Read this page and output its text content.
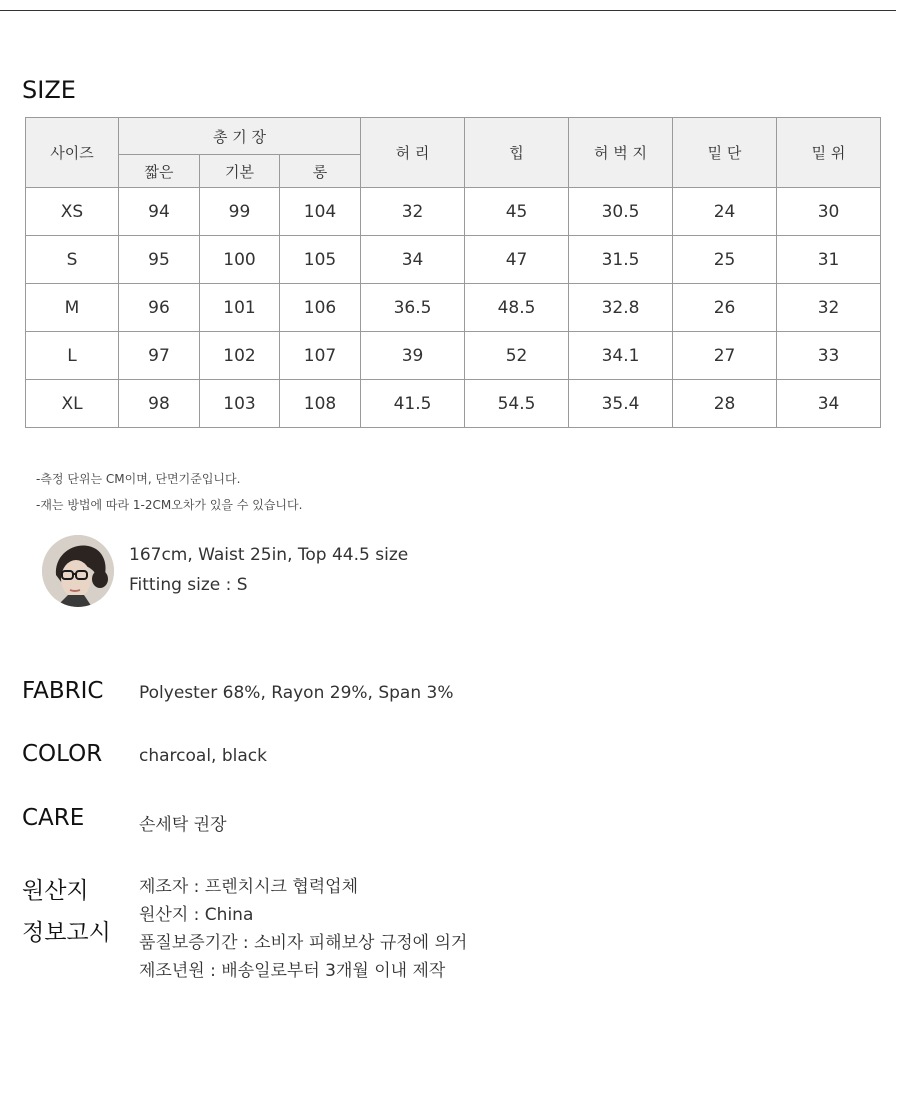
SIZE
사이즈	총 기 장			허 리	힙	허 벅 지	밑 단	밑 위
	짧은	기본	롱					
XS	94	99	104	32	45	30.5	24	30
S	95	100	105	34	47	31.5	25	31
M	96	101	106	36.5	48.5	32.8	26	32
L	97	102	107	39	52	34.1	27	33
XL	98	103	108	41.5	54.5	35.4	28	34
-측정 단위는 CM이며, 단면기준입니다.
-재는 방법에 따라 1-2CM오차가 있을 수 있습니다.
167cm, Waist 25in, Top 44.5 size
Fitting size : S
FABRIC Polyester 68%, Rayon 29%, Span 3%
COLOR charcoal, black
CARE	손세탁 권장
원산지
정보고시
제조자 : 프렌치시크 협력업체
원산지 : China
품질보증기간 : 소비자 피해보상 규정에 의거
제조년원 : 배송일로부터 3개월 이내 제작
